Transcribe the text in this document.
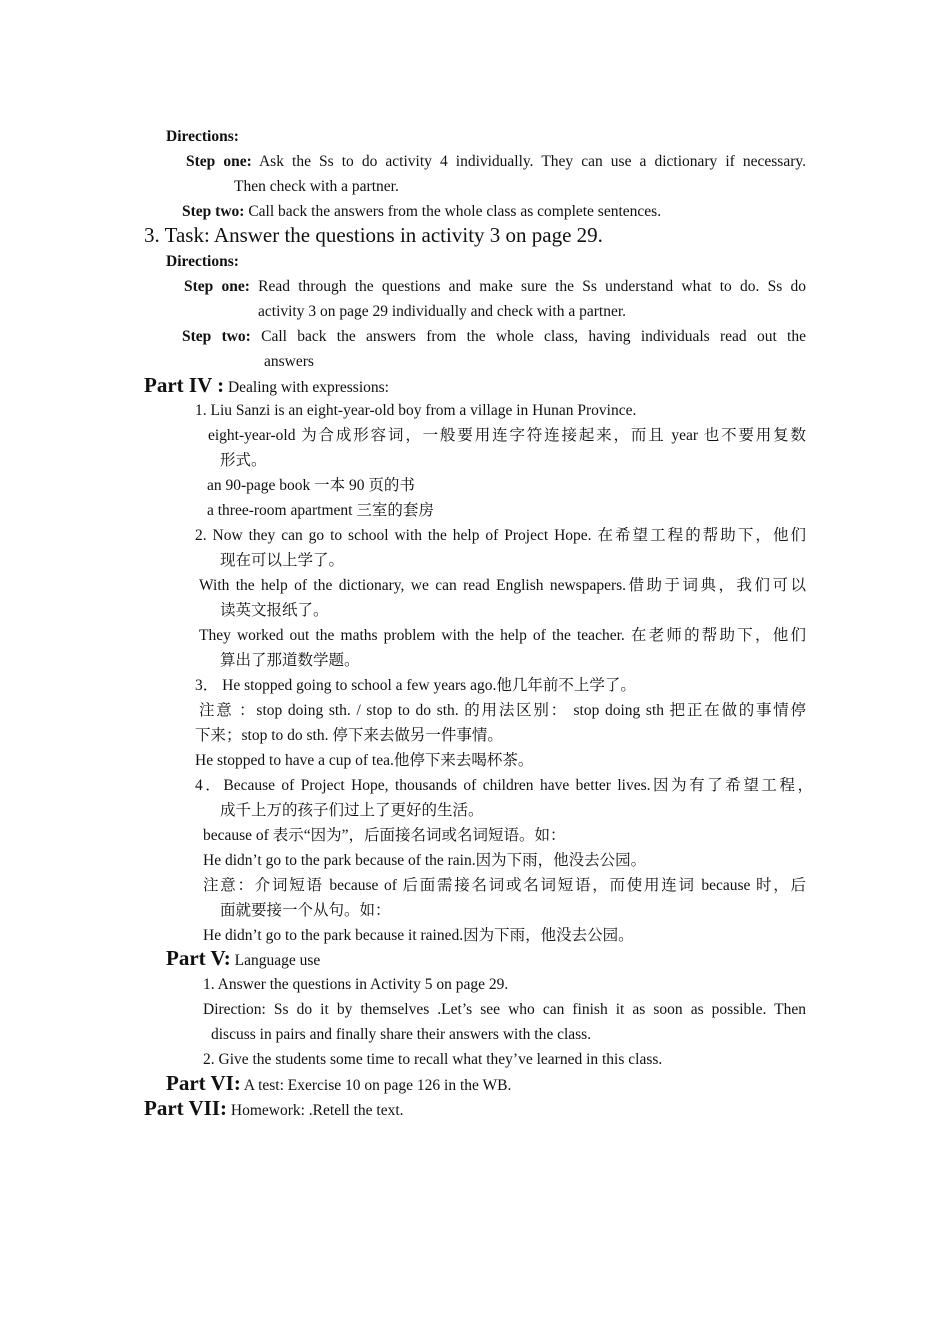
Directions:
Step one: Ask the Ss to do activity 4 individually. They can use a dictionary if necessary.
Then check with a partner.
Step two: Call back the answers from the whole class as complete sentences.
3. Task: Answer the questions in activity 3 on page 29.
Directions:
Step one: Read through the questions and make sure the Ss understand what to do. Ss do
activity 3 on page 29 individually and check with a partner.
Step two: Call back the answers from the whole class, having individuals read out the
answers
Part IV : Dealing with expressions:
1. Liu Sanzi is an eight-year-old boy from a village in Hunan Province.
eight-year-old 为合成形容词，一般要用连字符连接起来，而且 year 也不要用复数
形式。
an 90-page book 一本 90 页的书
a three-room apartment 三室的套房
2. Now they can go to school with the help of Project Hope. 在希望工程的帮助下，他们
现在可以上学了。
With the help of the dictionary, we can read English newspapers.借助于词典，我们可以
读英文报纸了。
They worked out the maths problem with the help of the teacher. 在老师的帮助下，他们
算出了那道数学题。
3． He stopped going to school a few years ago.他几年前不上学了。
注意 ：stop doing sth. / stop to do sth. 的用法区别： stop doing sth 把正在做的事情停
下来；stop to do sth. 停下来去做另一件事情。
He stopped to have a cup of tea.他停下来去喝杯茶。
4．Because of Project Hope, thousands of children have better lives.因为有了希望工程，
成千上万的孩子们过上了更好的生活。
because of 表示“因为”，后面接名词或名词短语。如：
He didn’t go to the park because of the rain.因为下雨，他没去公园。
注意：介词短语 because of 后面需接名词或名词短语，而使用连词 because 时，后
面就要接一个从句。如：
He didn’t go to the park because it rained.因为下雨，他没去公园。
Part V: Language use
1. Answer the questions in Activity 5 on page 29.
Direction: Ss do it by themselves .Let’s see who can finish it as soon as possible. Then
discuss in pairs and finally share their answers with the class.
2. Give the students some time to recall what they’ve learned in this class.
Part VI: A test: Exercise 10 on page 126 in the WB.
Part VII: Homework: .Retell the text.
